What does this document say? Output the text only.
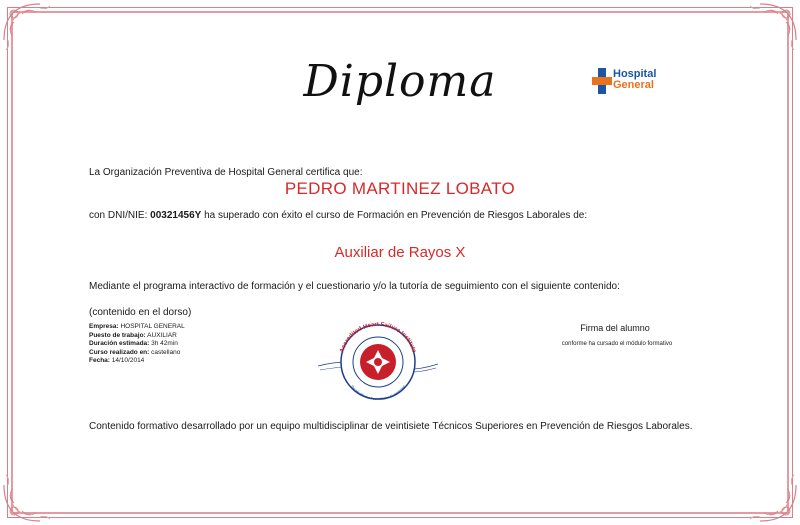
Diploma	Hospital
General
La Organización Preventiva de Hospital General certifica que:
PEDRO MARTINEZ LOBATO
con DNI/NIE: 00321456Y ha superado con éxito el curso de Formación en Prevención de Riesgos Laborales de:
Auxiliar de Rayos X
Mediante el programa interactivo de formación y el cuestionario y/o la tutoría de seguimiento con el siguiente contenido:
(contenido en el dorso)
Empresa: HOSPITAL GENERAL
Puesto de trabajo: AUXILIAR
Duración estimada: 3h 42min
Curso realizado en: castellano
Fecha: 14/10/2014
Accredited Heart Failure Institute
The Healthcare Accreditation Commission
Firma del alumno
conforme ha cursado el módulo formativo
Contenido formativo desarrollado por un equipo multidisciplinar de veintisiete Técnicos Superiores en Prevención de Riesgos Laborales.
